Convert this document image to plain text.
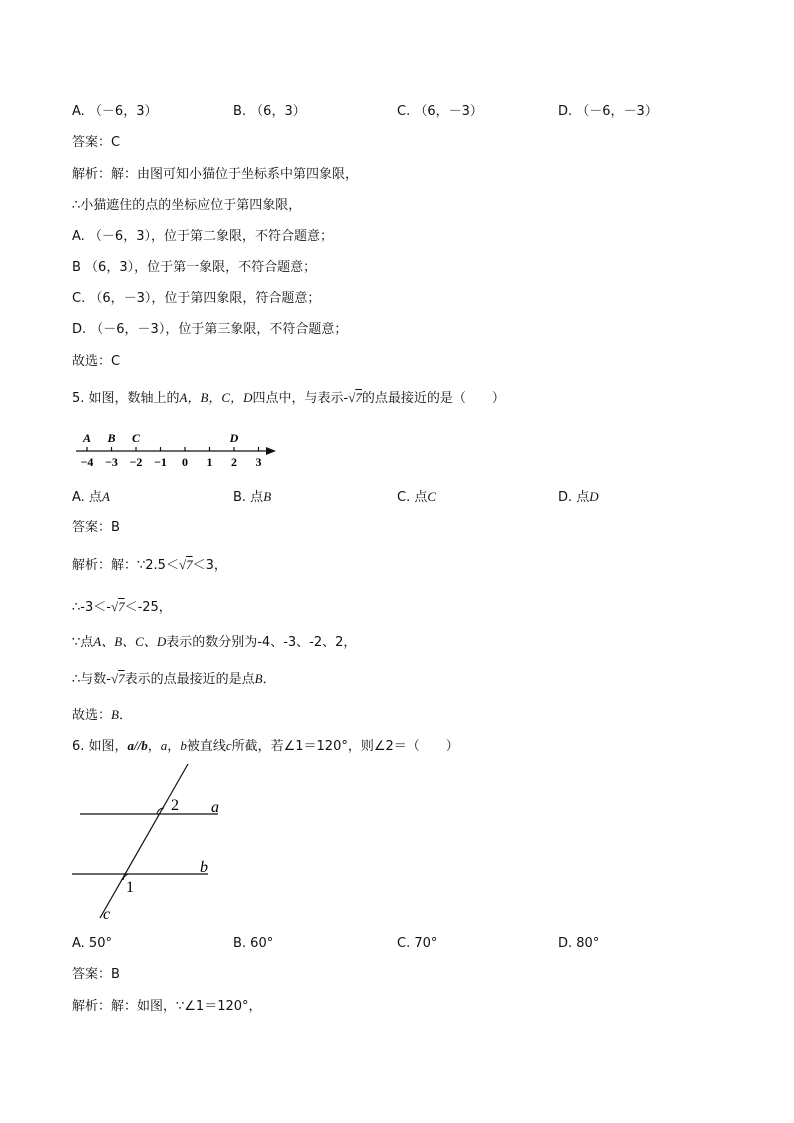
A. （－6，3）	B. （6，3）	C. （6，－3）	D. （－6，－3）
答案：C
解析：解：由图可知小猫位于坐标系中第四象限，
∴小猫遮住的点的坐标应位于第四象限，
A. （－6，3），位于第二象限，不符合题意；
B （6，3），位于第一象限，不符合题意；
C. （6，－3），位于第四象限，符合题意；
D. （－6，－3），位于第三象限，不符合题意；
故选：C
5. 如图，数轴上的A，B，C，D四点中，与表示-√7的点最接近的是（　　）
−4 −3 −2 −1 0 1 2 3
A B C	D
A. 点A	B. 点B	C. 点C	D. 点D
答案：B
解析：解：∵2.5＜√7＜3，
∴-3＜-√7＜-25，
∵点A、B、C、D表示的数分别为-4、-3、-2、2，
∴与数-√7表示的点最接近的是点B．
故选：B．
6. 如图，a//b，a，b被直线c所截，若∠1＝120°，则∠2＝（　　）
2 a
b
1
c
A. 50°	B. 60°	C. 70°	D. 80°
答案：B
解析：解：如图，∵∠1＝120°，
